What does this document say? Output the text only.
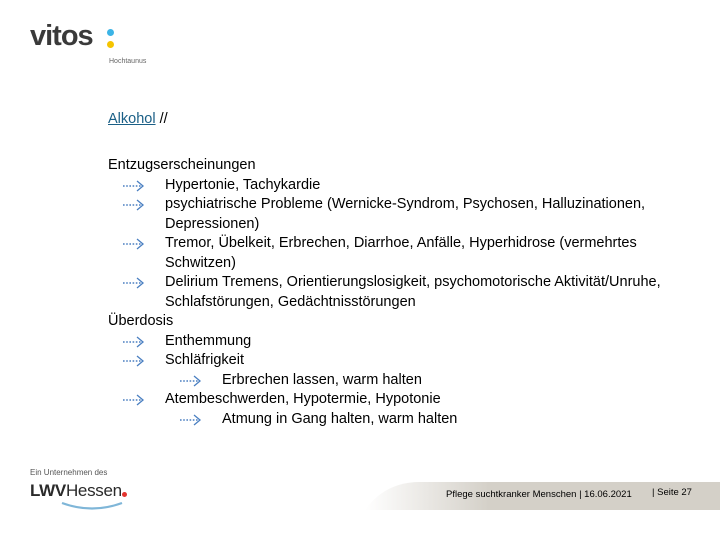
vitos
Hochtaunus
Alkohol //
Entzugserscheinungen
Hypertonie, Tachykardie
psychiatrische Probleme (Wernicke-Syndrom, Psychosen, Halluzinationen, Depressionen)
Tremor, Übelkeit, Erbrechen, Diarrhoe, Anfälle, Hyperhidrose (vermehrtes Schwitzen)
Delirium Tremens, Orientierungslosigkeit, psychomotorische Aktivität/Unruhe, Schlafstörungen, Gedächtnisstörungen
Überdosis
Enthemmung
Schläfrigkeit
Erbrechen lassen, warm halten
Atembeschwerden, Hypotermie, Hypotonie
Atmung in Gang halten, warm halten
Ein Unternehmen des
LWVHessen	Pflege suchtkranker Menschen | 16.06.2021 | Seite 27
